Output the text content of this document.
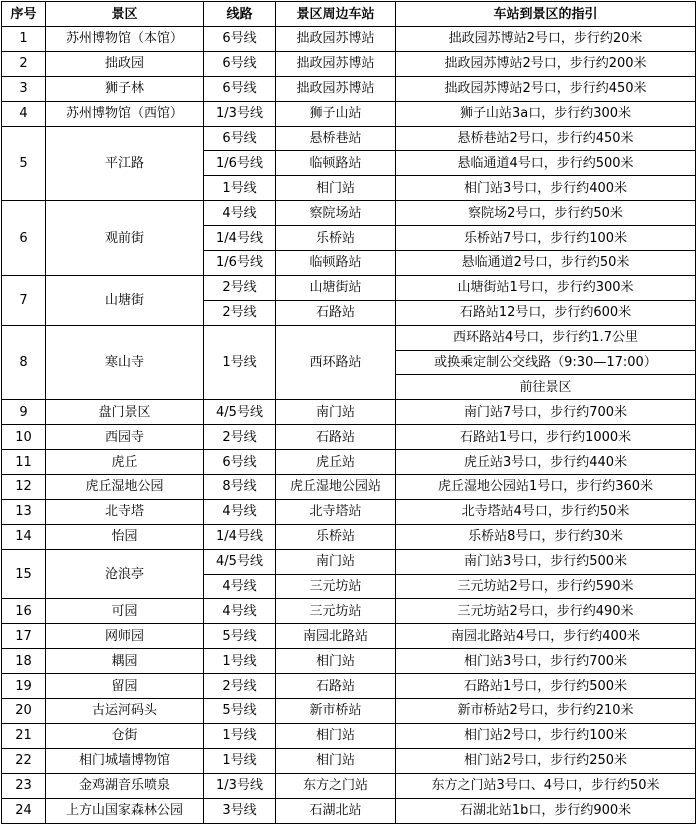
序号	景区	线路	景区周边车站	车站到景区的指引
1	苏州博物馆（本馆）	6号线	拙政园苏博站	拙政园苏博站2号口，步行约20米
2	拙政园	6号线	拙政园苏博站	拙政园苏博站2号口，步行约200米
3	狮子林	6号线	拙政园苏博站	拙政园苏博站2号口，步行约450米
4	苏州博物馆（西馆）	1/3号线	狮子山站	狮子山站3a口，步行约300米
5	平江路	6号线	悬桥巷站	悬桥巷站2号口，步行约450米
		1/6号线	临顿路站	悬临通道4号口，步行约500米
		1号线	相门站	相门站3号口，步行约400米
6	观前街	4号线	察院场站	察院场2号口，步行约50米
		1/4号线	乐桥站	乐桥站7号口，步行约100米
		1/6号线	临顿路站	悬临通道2号口，步行约50米
7	山塘街	2号线	山塘街站	山塘街站1号口，步行约300米
		2号线	石路站	石路站12号口，步行约600米
8	寒山寺	1号线	西环路站	西环路站4号口，步行约1.7公里
				或换乘定制公交线路（9:30—17:00）
				前往景区
9	盘门景区	4/5号线	南门站	南门站7号口，步行约700米
10	西园寺	2号线	石路站	石路站1号口，步行约1000米
11	虎丘	6号线	虎丘站	虎丘站3号口，步行约440米
12	虎丘湿地公园	8号线	虎丘湿地公园站	虎丘湿地公园站1号口，步行约360米
13	北寺塔	4号线	北寺塔站	北寺塔站4号口，步行约50米
14	怡园	1/4号线	乐桥站	乐桥站8号口，步行约30米
15	沧浪亭	4/5号线	南门站	南门站3号口，步行约500米
		4号线	三元坊站	三元坊站2号口，步行约590米
16	可园	4号线	三元坊站	三元坊站2号口，步行约490米
17	网师园	5号线	南园北路站	南园北路站4号口，步行约400米
18	耦园	1号线	相门站	相门站3号口，步行约700米
19	留园	2号线	石路站	石路站1号口，步行约500米
20	古运河码头	5号线	新市桥站	新市桥站2号口，步行约210米
21	仓街	1号线	相门站	相门站2号口，步行约100米
22	相门城墙博物馆	1号线	相门站	相门站2号口，步行约250米
23	金鸡湖音乐喷泉	1/3号线	东方之门站	东方之门站3号口、4号口，步行约50米
24	上方山国家森林公园	3号线	石湖北站	石湖北站1b口，步行约900米
